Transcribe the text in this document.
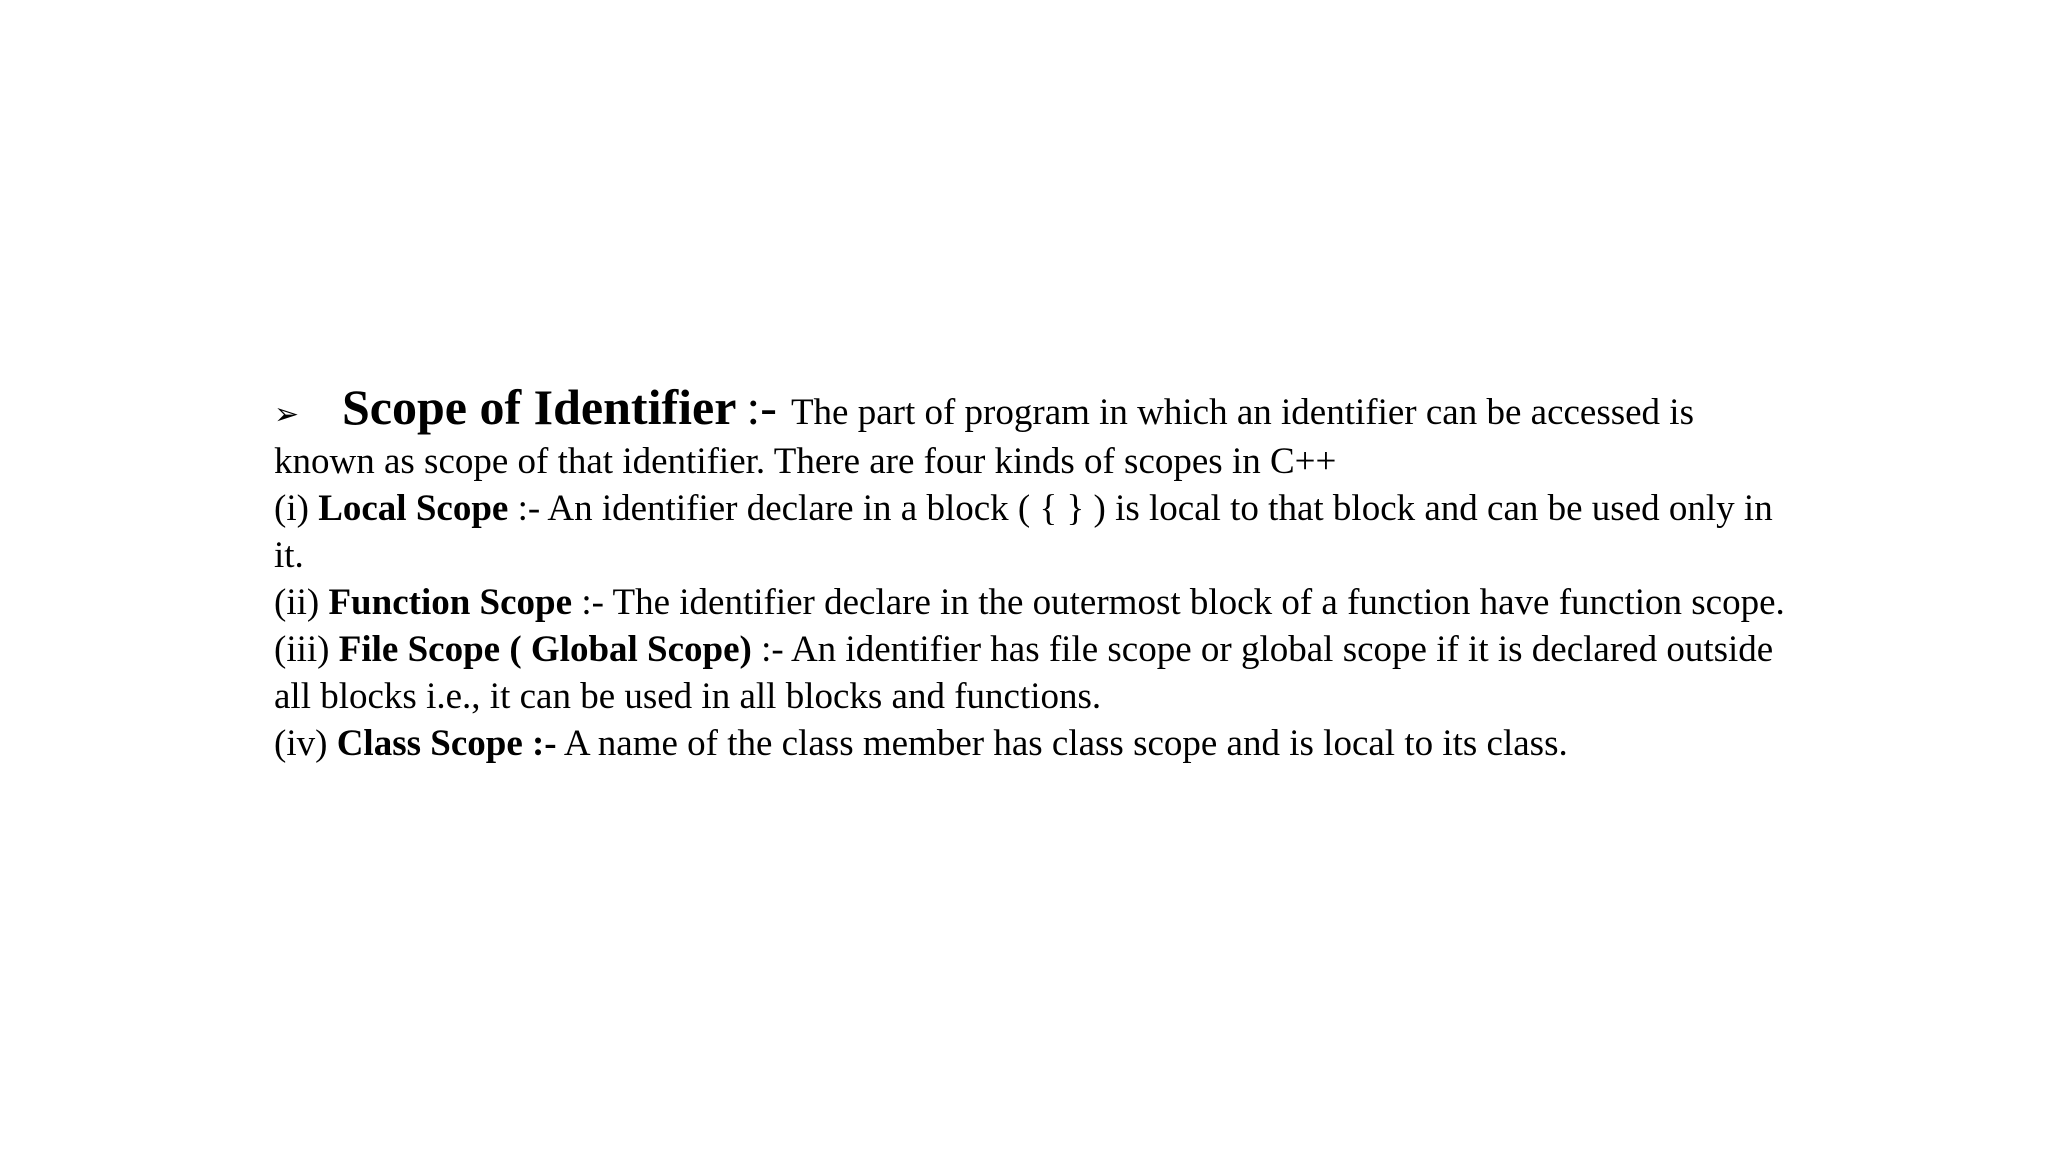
➢ Scope of Identifier :- The part of program in which an identifier can be accessed is
known as scope of that identifier. There are four kinds of scopes in C++

(i) Local Scope :- An identifier declare in a block ( { } ) is local to that block and can be used only in it.

(ii) Function Scope :- The identifier declare in the outermost block of a function have function scope.

(iii) File Scope ( Global Scope) :- An identifier has file scope or global scope if it is declared outside all blocks i.e., it can be used in all blocks and functions.

(iv) Class Scope :- A name of the class member has class scope and is local to its class.
